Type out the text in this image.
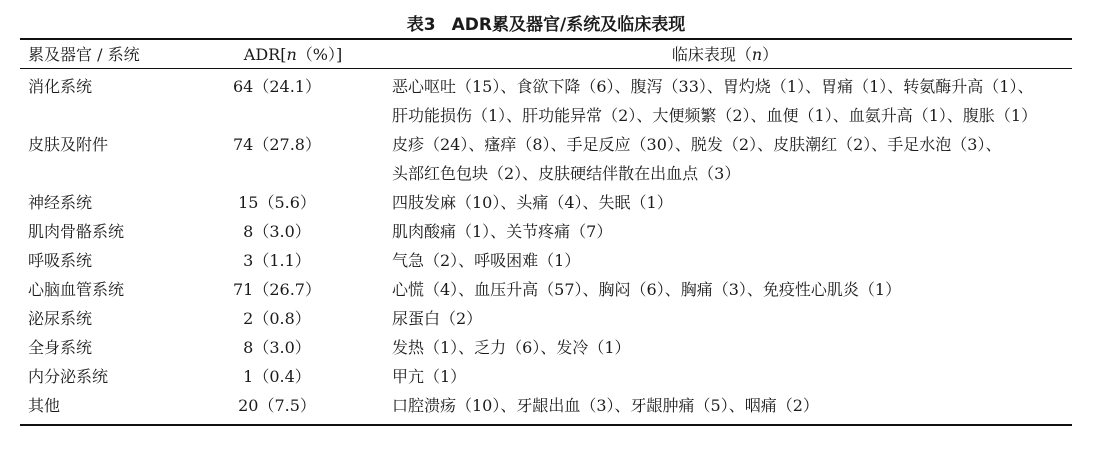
表3 ADR累及器官/系统及临床表现
累及器官 / 系统	ADR[n（%）]	临床表现（n）
消化系统	64（24.1）	恶心呕吐（15）、食欲下降（6）、腹泻（33）、胃灼烧（1）、胃痛（1）、转氨酶升高（1）、
肝功能损伤（1）、肝功能异常（2）、大便频繁（2）、血便（1）、血氨升高（1）、腹胀（1）

皮肤及附件	74（27.8）	皮疹（24）、瘙痒（8）、手足反应（30）、脱发（2）、皮肤潮红（2）、手足水泡（3）、
头部红色包块（2）、皮肤硬结伴散在出血点（3）

神经系统	15（5.6）	四肢发麻（10）、头痛（4）、失眠（1）

肌肉骨骼系统	8（3.0）	肌肉酸痛（1）、关节疼痛（7）

呼吸系统	3（1.1）	气急（2）、呼吸困难（1）

心脑血管系统	71（26.7）	心慌（4）、血压升高（57）、胸闷（6）、胸痛（3）、免疫性心肌炎（1）

泌尿系统	2（0.8）	尿蛋白（2）

全身系统	8（3.0）	发热（1）、乏力（6）、发冷（1）

内分泌系统	1（0.4）	甲亢（1）

其他	20（7.5）	口腔溃疡（10）、牙龈出血（3）、牙龈肿痛（5）、咽痛（2）
